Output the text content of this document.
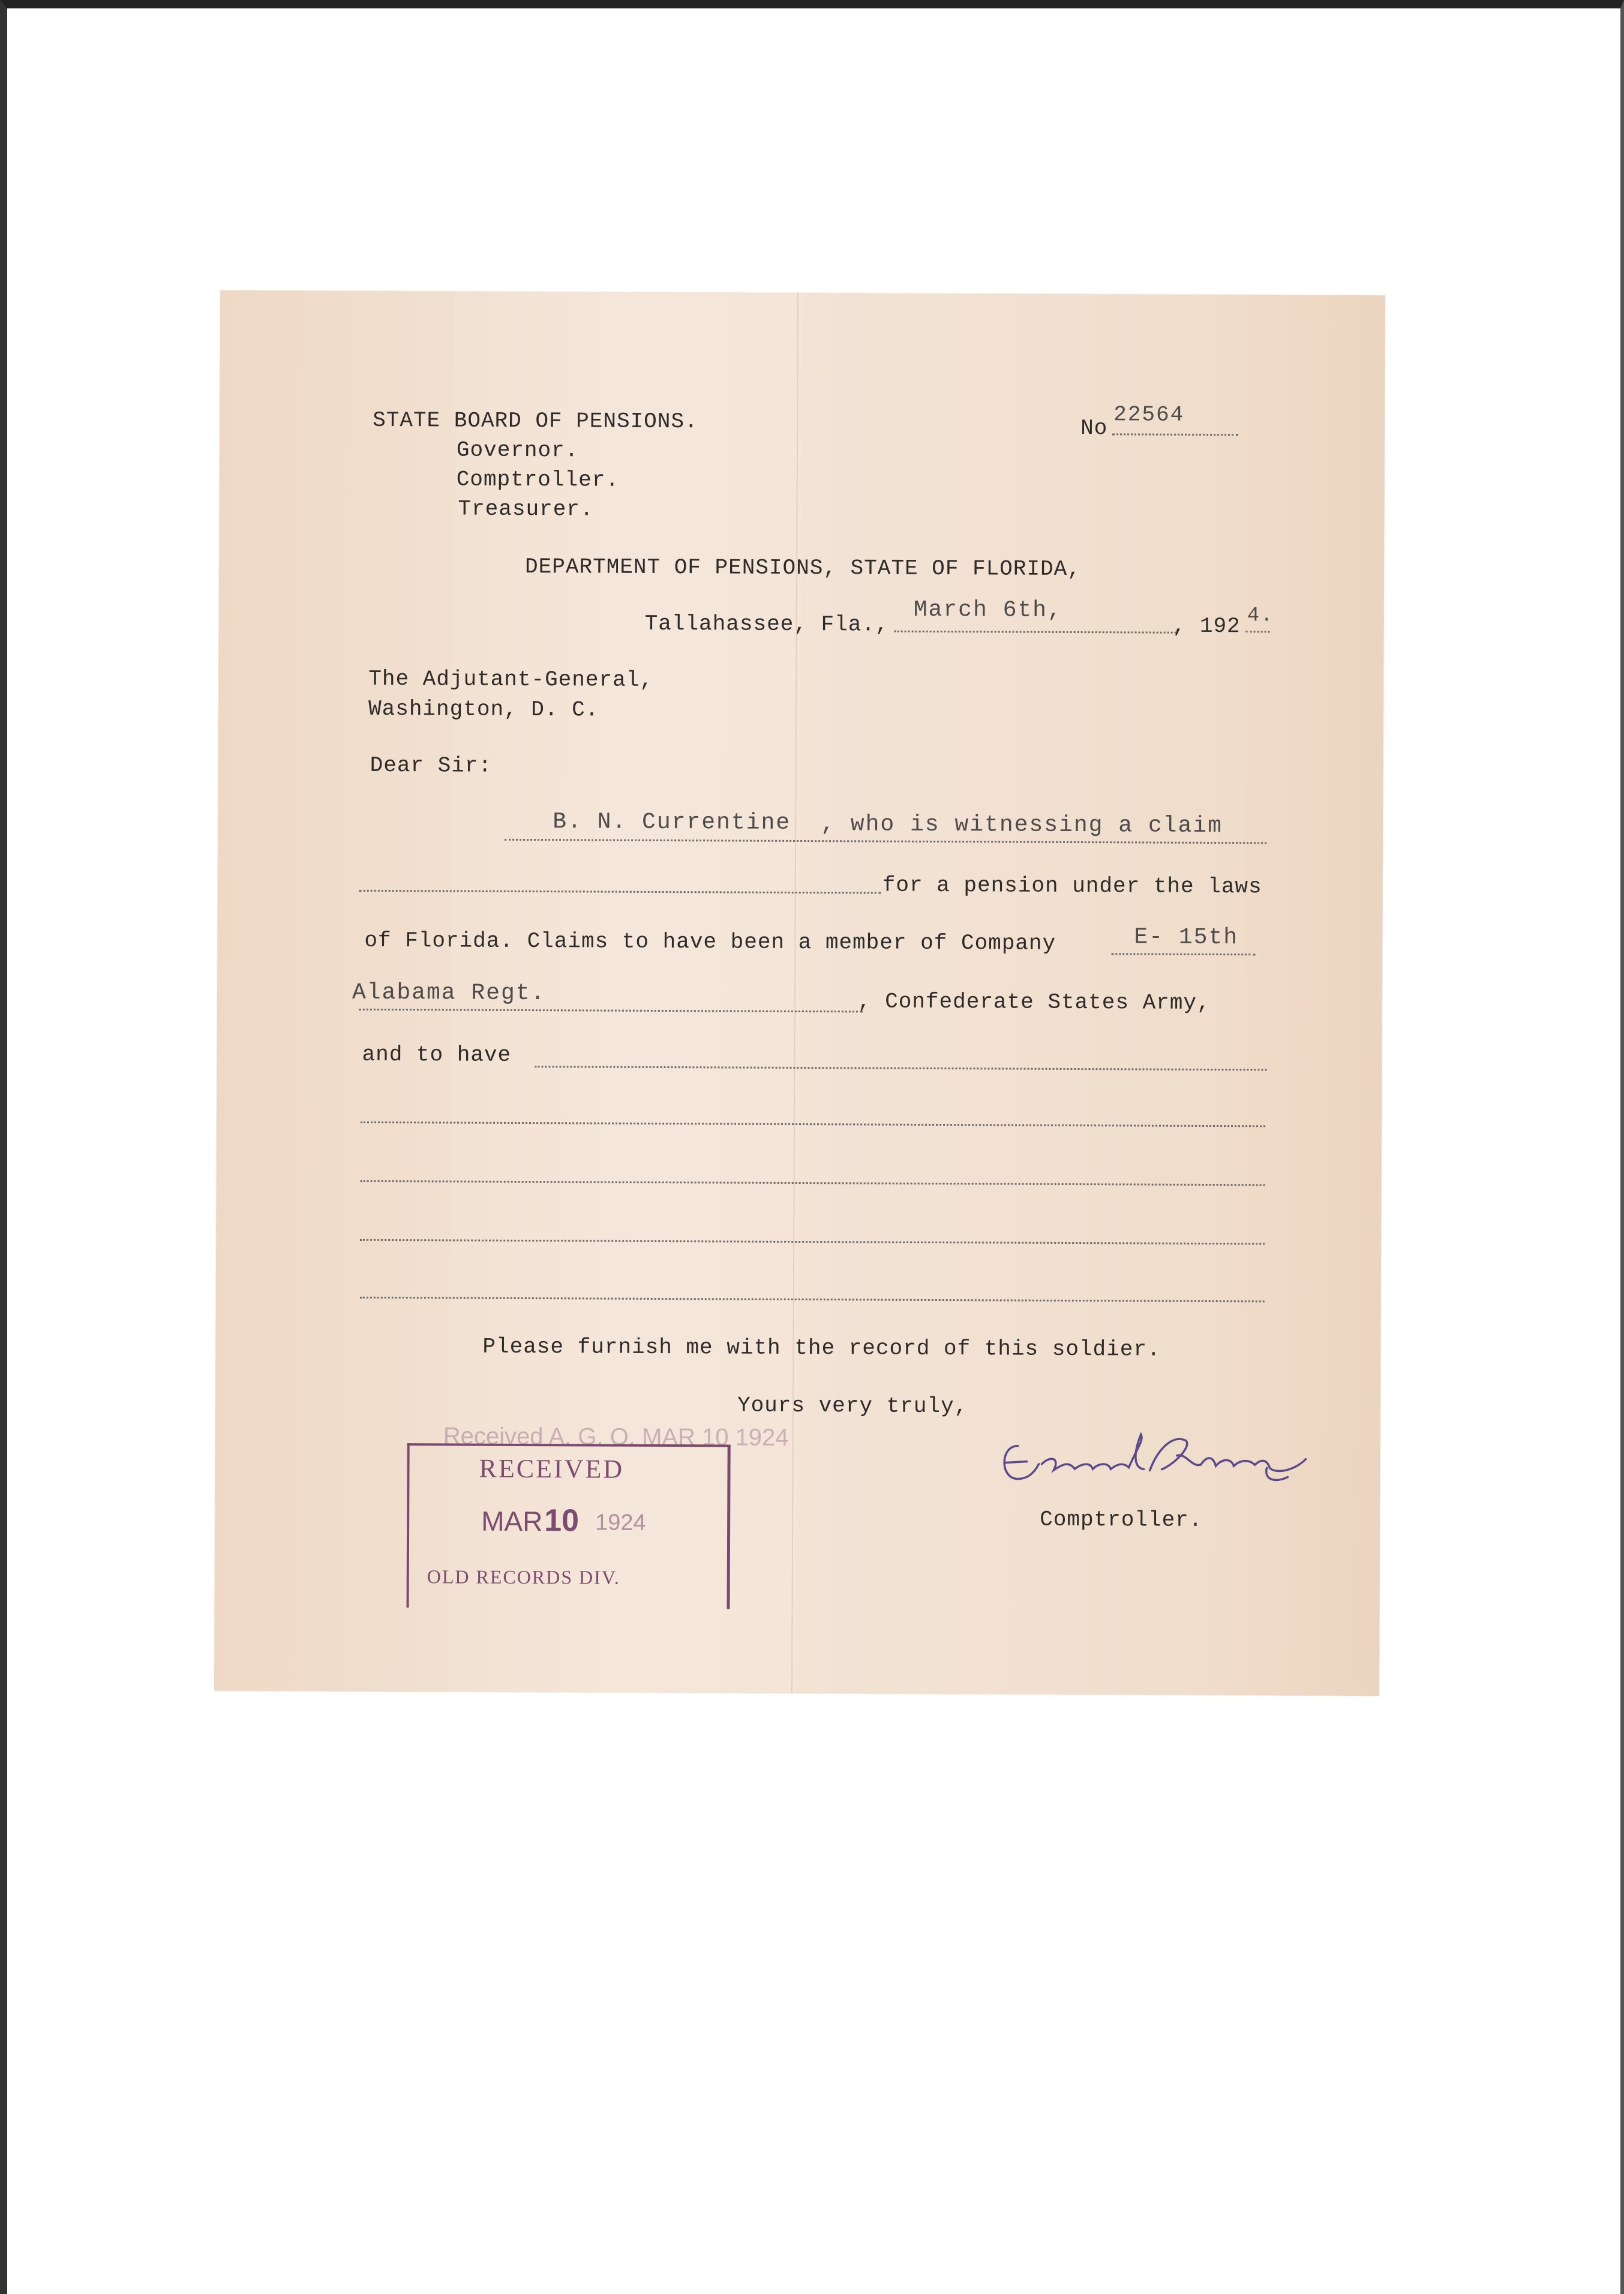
STATE BOARD OF PENSIONS.
Governor.
Comptroller.
Treasurer.
No
22564
DEPARTMENT OF PENSIONS, STATE OF FLORIDA,
Tallahassee, Fla.,
March 6th,
, 192 4.
The Adjutant-General,
Washington, D. C.
Dear Sir:
B. N. Currentine , who is witnessing a claim
for a pension under the laws
of Florida. Claims to have been a member of Company	E- 15th
Alabama Regt.	, Confederate States Army,
and to have
Please furnish me with the record of this soldier.
Yours very truly,
Received A. G. O. MAR 10 1924
RECEIVED
MAR 10 1924
OLD RECORDS DIV.
Comptroller.
